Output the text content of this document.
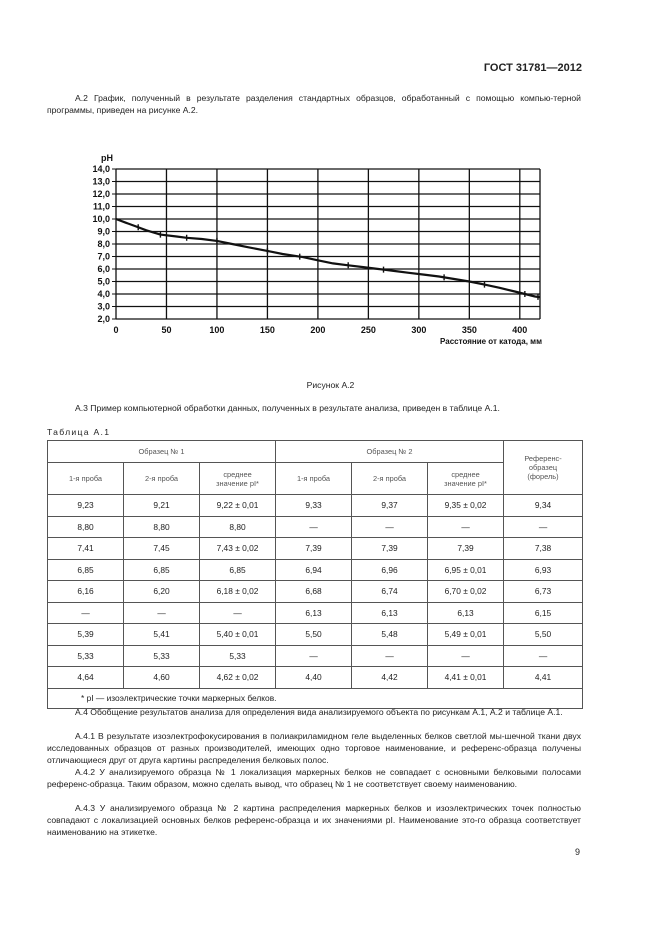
ГОСТ 31781—2012
А.2 График, полученный в результате разделения стандартных образцов, обработанный с помощью компью-терной программы, приведен на рисунке А.2.
2,0
3,0
4,0
5,0
6,0
7,0
8,0
9,0
10,0
11,0
12,0
13,0
14,0
0	50	100	150	200	250	300	350	400
pH
Расстояние от катода, мм
Рисунок А.2
А.3 Пример компьютерной обработки данных, полученных в результате анализа, приведен в таблице А.1.
Таблица А.1
Образец № 1			Образец № 2			Референс-образец (форель)
1-я проба	2-я проба	среднее значение pI*	1-я проба	2-я проба	среднее значение pI*	
9,23	9,21	9,22 ± 0,01	9,33	9,37	9,35 ± 0,02	9,34
8,80	8,80	8,80	—	—	—	—
7,41	7,45	7,43 ± 0,02	7,39	7,39	7,39	7,38
6,85	6,85	6,85	6,94	6,96	6,95 ± 0,01	6,93
6,16	6,20	6,18 ± 0,02	6,68	6,74	6,70 ± 0,02	6,73
—	—	—	6,13	6,13	6,13	6,15
5,39	5,41	5,40 ± 0,01	5,50	5,48	5,49 ± 0,01	5,50
5,33	5,33	5,33	—	—	—	—
4,64	4,60	4,62 ± 0,02	4,40	4,42	4,41 ± 0,01	4,41
* pI — изоэлектрические точки маркерных белков.						
А.4 Обобщение результатов анализа для определения вида анализируемого объекта по рисункам А.1, А.2 и таблице А.1.
А.4.1 В результате изоэлектрофокусирования в полиакриламидном геле выделенных белков светлой мы-шечной ткани двух исследованных образцов от разных производителей, имеющих одно торговое наименование, и референс-образца получены отличающиеся друг от друга картины распределения белковых полос.
А.4.2 У анализируемого образца № 1 локализация маркерных белков не совпадает с основными белковыми полосами референс-образца. Таким образом, можно сделать вывод, что образец № 1 не соответствует своему наименованию.
А.4.3 У анализируемого образца № 2 картина распределения маркерных белков и изоэлектрических точек полностью совпадают с локализацией основных белков референс-образца и их значениями pI. Наименование это-го образца соответствует наименованию на этикетке.
9
